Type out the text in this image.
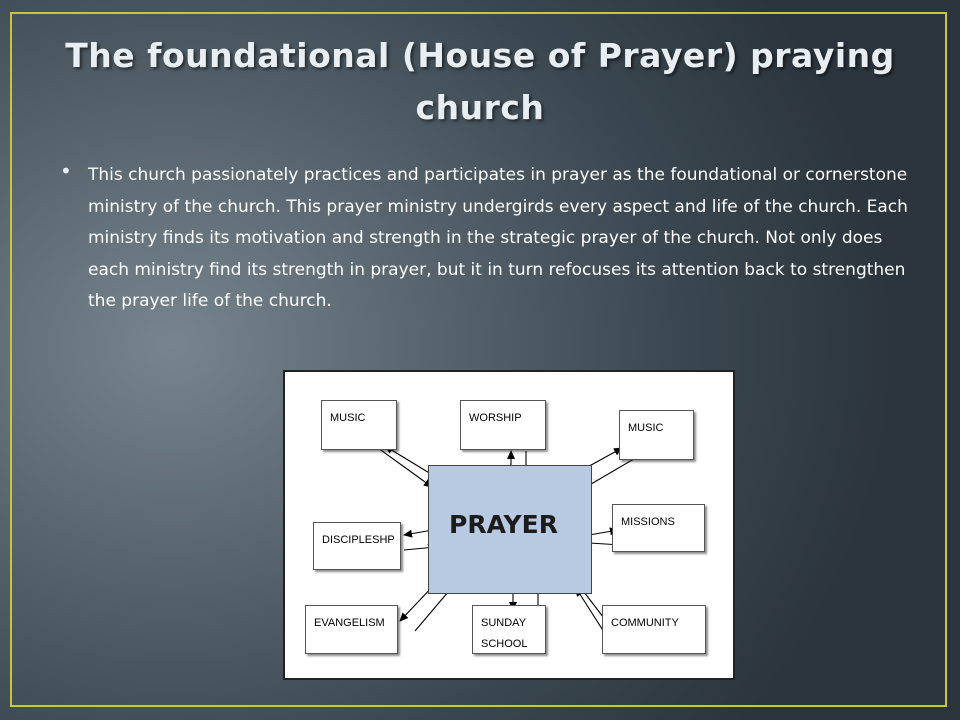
The foundational (House of Prayer) praying church
• This church passionately practices and participates in prayer as the foundational or cornerstone ministry of the church. This prayer ministry undergirds every aspect and life of the church. Each ministry finds its motivation and strength in the strategic prayer of the church. Not only does each ministry find its strength in prayer, but it in turn refocuses its attention back to strengthen the prayer life of the church.
PRAYER
MUSIC	WORSHIP
MUSIC
DISCIPLESHP
MISSIONS
EVANGELISM	SUNDAY SCHOOL
COMMUNITY
